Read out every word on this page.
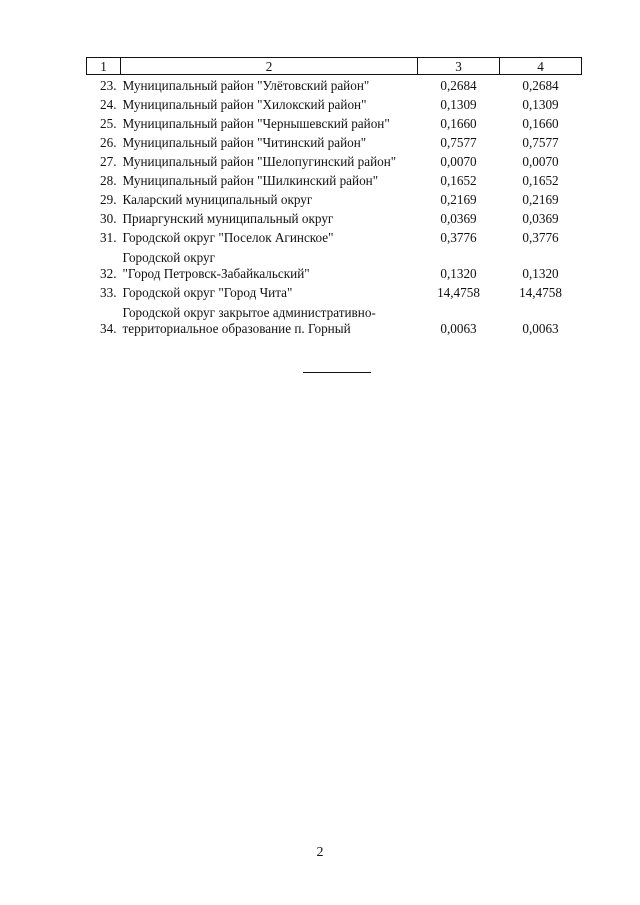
1	2	3	4
23.	Муниципальный район "Улётовский район"	0,2684	0,2684
24.	Муниципальный район "Хилокский район"	0,1309	0,1309
25.	Муниципальный район "Чернышевский район"	0,1660	0,1660
26.	Муниципальный район "Читинский район"	0,7577	0,7577
27.	Муниципальный район "Шелопугинский район"	0,0070	0,0070
28.	Муниципальный район "Шилкинский район"	0,1652	0,1652
29.	Каларский муниципальный округ	0,2169	0,2169
30.	Приаргунский муниципальный округ	0,0369	0,0369
31.	Городской округ "Поселок Агинское"	0,3776	0,3776
32.	Городской округ
"Город Петровск-Забайкальский"	0,1320	0,1320
33.	Городской округ "Город Чита"	14,4758	14,4758
34.	Городской округ закрытое административно-
территориальное образование п. Горный	0,0063	0,0063
2
